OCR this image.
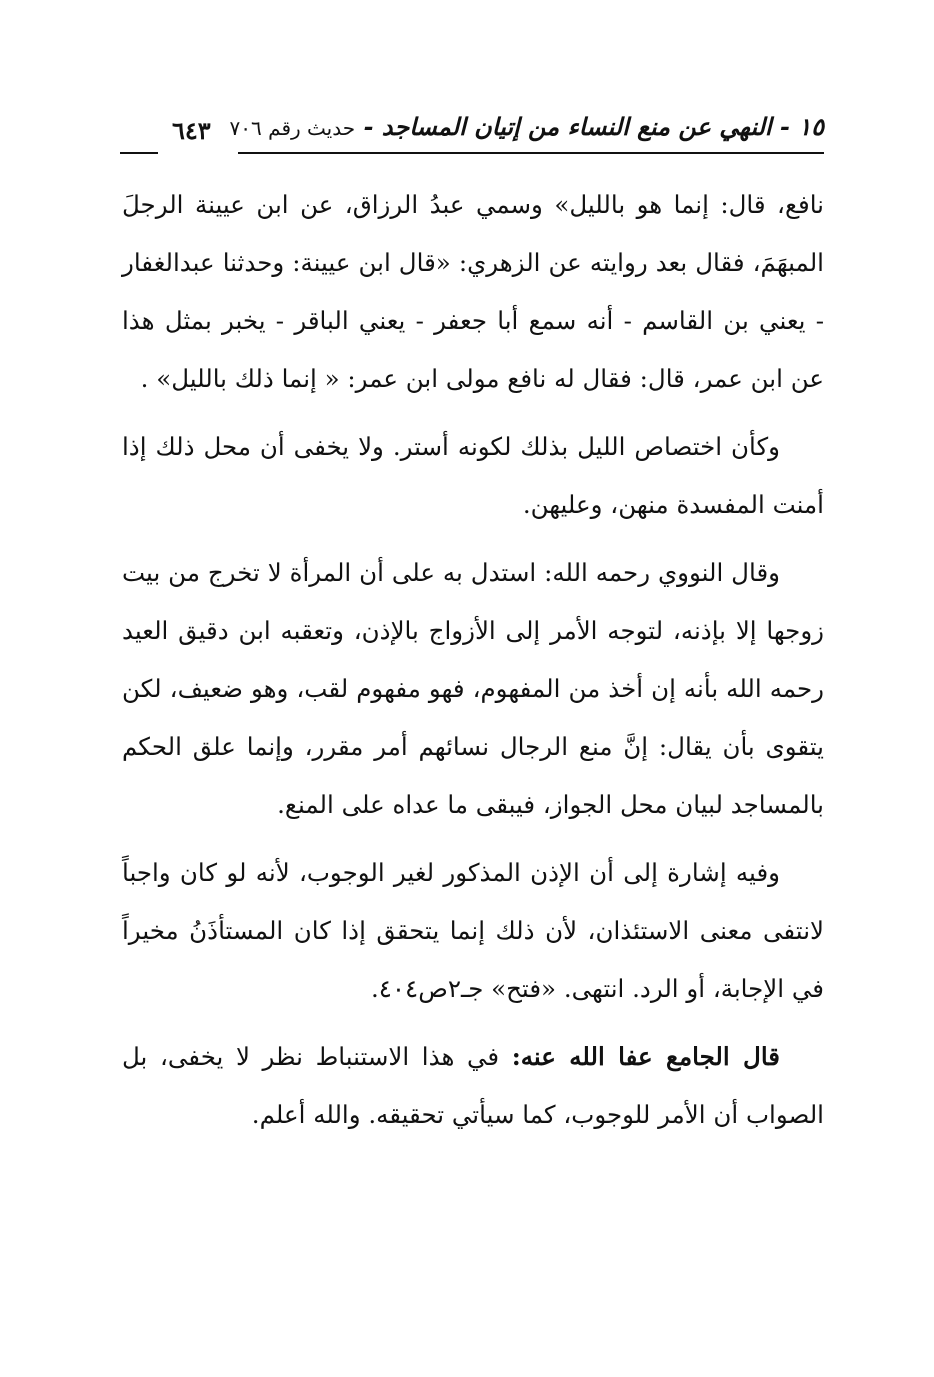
١٥ - النهي عن منع النساء من إتيان المساجد - حديث رقم ٧٠٦
٦٤٣

نافع، قال: إنما هو بالليل» وسمي عبدُ الرزاق، عن ابن عيينة الرجلَ المبهَمَ، فقال بعد روايته عن الزهري: «قال ابن عيينة: وحدثنا عبدالغفار - يعني بن القاسم - أنه سمع أبا جعفر - يعني الباقر - يخبر بمثل هذا عن ابن عمر، قال: فقال له نافع مولى ابن عمر: « إنما ذلك بالليل» .

وكأن اختصاص الليل بذلك لكونه أستر. ولا يخفى أن محل ذلك إذا أمنت المفسدة منهن، وعليهن.

وقال النووي رحمه الله: استدل به على أن المرأة لا تخرج من بيت زوجها إلا بإذنه، لتوجه الأمر إلى الأزواج بالإذن، وتعقبه ابن دقيق العيد رحمه الله بأنه إن أخذ من المفهوم، فهو مفهوم لقب، وهو ضعيف، لكن يتقوى بأن يقال: إنَّ منع الرجال نسائهم أمر مقرر، وإنما علق الحكم بالمساجد لبيان محل الجواز، فيبقى ما عداه على المنع.

وفيه إشارة إلى أن الإذن المذكور لغير الوجوب، لأنه لو كان واجباً لانتفى معنى الاستئذان، لأن ذلك إنما يتحقق إذا كان المستأذَنُ مخيراً في الإجابة، أو الرد. انتهى. «فتح» جـ٢ص٤٠٤.

قال الجامع عفا الله عنه: في هذا الاستنباط نظر لا يخفى، بل الصواب أن الأمر للوجوب، كما سيأتي تحقيقه. والله أعلم.
